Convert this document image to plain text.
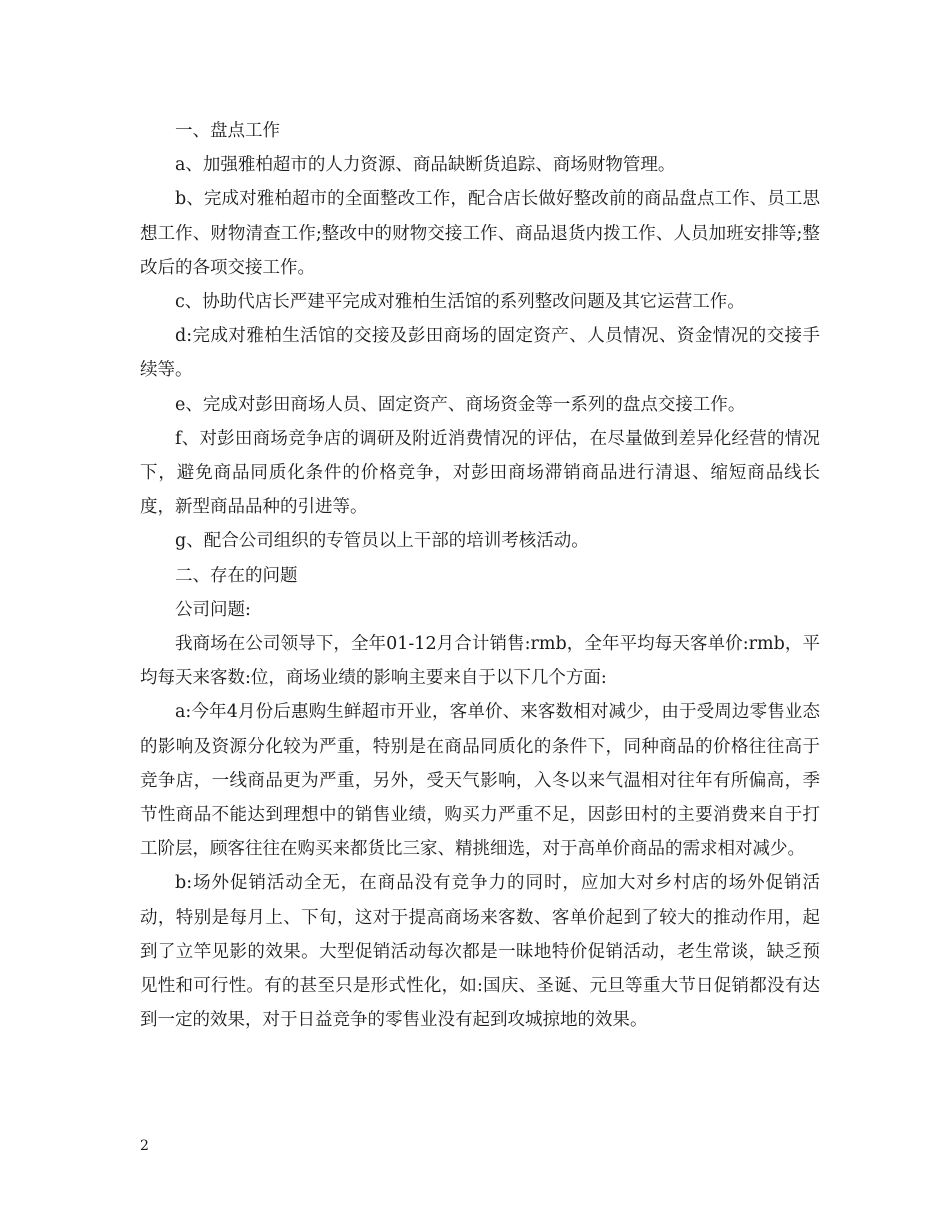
一、盘点工作

a、加强雅柏超市的人力资源、商品缺断货追踪、商场财物管理。

b、完成对雅柏超市的全面整改工作，配合店长做好整改前的商品盘点工作、员工思想工作、财物清查工作;整改中的财物交接工作、商品退货内拨工作、人员加班安排等;整改后的各项交接工作。

c、协助代店长严建平完成对雅柏生活馆的系列整改问题及其它运营工作。

d:完成对雅柏生活馆的交接及彭田商场的固定资产、人员情况、资金情况的交接手续等。

e、完成对彭田商场人员、固定资产、商场资金等一系列的盘点交接工作。

f、对彭田商场竞争店的调研及附近消费情况的评估，在尽量做到差异化经营的情况下，避免商品同质化条件的价格竞争，对彭田商场滞销商品进行清退、缩短商品线长度，新型商品品种的引进等。

g、配合公司组织的专管员以上干部的培训考核活动。

二、存在的问题

公司问题:

我商场在公司领导下，全年01-12月合计销售:rmb，全年平均每天客单价:rmb，平均每天来客数:位，商场业绩的影响主要来自于以下几个方面:

a:今年4月份后惠购生鲜超市开业，客单价、来客数相对减少，由于受周边零售业态的影响及资源分化较为严重，特别是在商品同质化的条件下，同种商品的价格往往高于竞争店，一线商品更为严重，另外，受天气影响，入冬以来气温相对往年有所偏高，季节性商品不能达到理想中的销售业绩，购买力严重不足，因彭田村的主要消费来自于打工阶层，顾客往往在购买来都货比三家、精挑细选，对于高单价商品的需求相对减少。

b:场外促销活动全无，在商品没有竞争力的同时，应加大对乡村店的场外促销活动，特别是每月上、下旬，这对于提高商场来客数、客单价起到了较大的推动作用，起到了立竿见影的效果。大型促销活动每次都是一昧地特价促销活动，老生常谈，缺乏预见性和可行性。有的甚至只是形式性化，如:国庆、圣诞、元旦等重大节日促销都没有达到一定的效果，对于日益竞争的零售业没有起到攻城掠地的效果。

2
